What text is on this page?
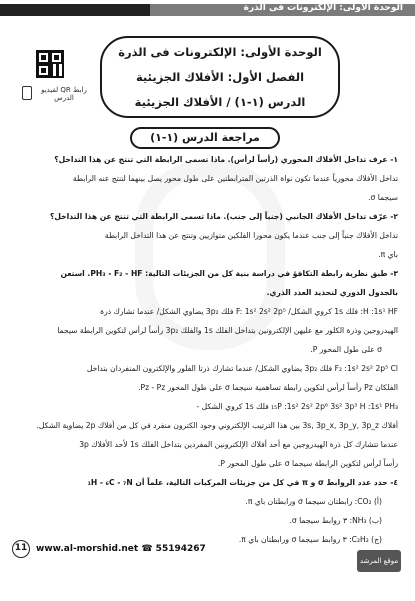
الوحدة الأولى: الإلكترونات فى الذرة
رابط QR لفيديو الدرس
الوحدة الأولى: الإلكترونات فى الذرة
الفصل الأول: الأفلاك الجزيئية
الدرس (١-١) / الأفلاك الجزيئية
مراجعة الدرس (١-١)
١- عرف تداخل الأفلاك المحوري (رأساً لرأس). ماذا تسمى الرابطة التي تنتج عن هذا التداخل؟
تداخل الأفلاك محورياً عندما تكون نواة الذرتين المترابطتين على طول محور يصل بينهما لتنتج عنه الرابطة
سيجما σ.
٢- عرّف تداخل الأفلاك الجانبي (جنباً إلى جنب). ماذا تسمى الرابطة التي تنتج عن هذا التداخل؟
تداخل الأفلاك جنباً إلى جنب عندما يكون محورا الفلكين متوازيين وتنتج عن هذا التداخل الرابطة
باي π.
٣- طبق نظرية رابطة التكافؤ في دراسة بنية كل من الجزيئات التالية: PH₃ - F₂ - HF. استعن
بالجدول الدوري لتحديد العدد الذري.
H :1s¹ HF: فلك 1s كروي الشكل/ F: 1s² 2s² 2p⁵ فلك 3p₂ يضاوي الشكل/ عندما تشارك ذرة
الهيدروجين وذرة الكلور مع عليهن الإلكترونين بتداخل الفلك 1s والفلك 3p₂ رأساً لرأس لتكوين الرابطة سيجما
σ على طول المحور P.
F₂ :1s² 2s² 2p⁵ Cl فلك 3p₂ يضاوي الشكل/ عندما تشارك ذرتا الفلور والإلكترون المنفردان بتداخل
الفلكان Pz رأساً لرأس لتكوين رابطة تساهمية سيجما σ على طول المحور Pz - Pz.
₁₅P :1s² 2s² 2p⁶ 3s² 3p³ H :1s¹ PH₃ فلك 1s كروي الشكل -
أفلاك 3s, 3p_x, 3p_y, 3p_z بين هذا الترتيب الإلكتروني وجود الكترون منفرد في كل من أفلاك 2p يضاوية الشكل.
عندما تتشارك كل ذرة الهيدروجين مع أحد أفلاك الإلكترونين المفردين بتداخل الفلك 1s لأحد الأفلاك 3p
رأساً لرأس لتكوين الرابطة سيجما σ على طول المحور P.
٤- حدد عدد الروابط σ و π في كل من جزيئات المركبات التالية، علماً أن ₁H - ₆C - ₇N
(أ) CO₂: رابطتان سيجما σ ورابطتان باي π.
(ب) NH₃: ٣ روابط سيجما σ.
(ج) C₂H₂: ٣ روابط سيجما σ ورابطتان باي π.
11 www.al-morshid.net ☎ 55194267
موقع المرشد
